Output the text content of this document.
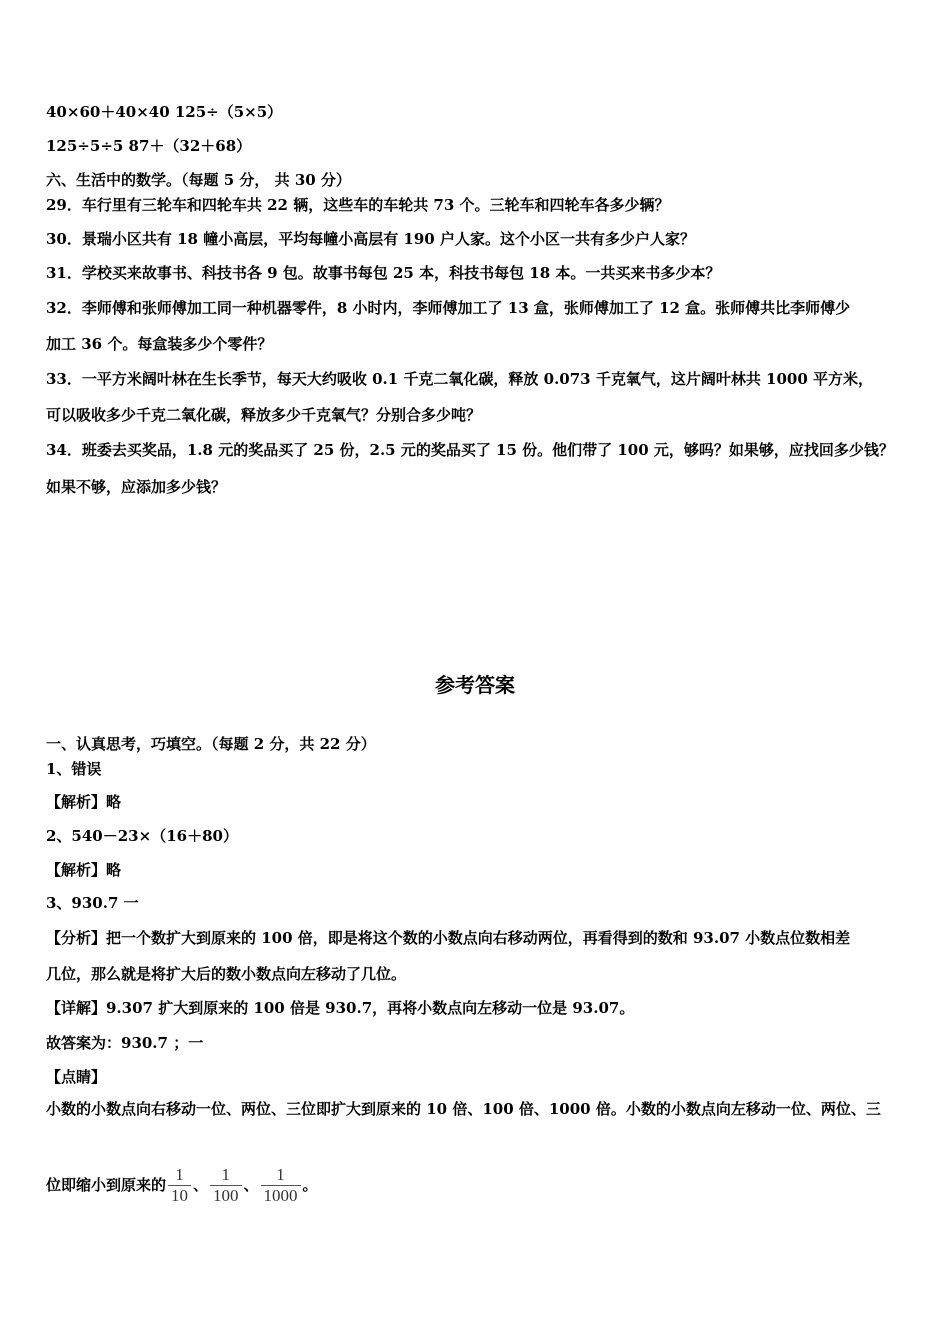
40×60＋40×40 125÷（5×5）
125÷5÷5 87＋（32＋68）
六、生活中的数学。（每题 5 分， 共 30 分）
29．车行里有三轮车和四轮车共 22 辆，这些车的车轮共 73 个。三轮车和四轮车各多少辆？
30．景瑞小区共有 18 幢小高层，平均每幢小高层有 190 户人家。这个小区一共有多少户人家？
31．学校买来故事书、科技书各 9 包。故事书每包 25 本，科技书每包 18 本。一共买来书多少本？
32．李师傅和张师傅加工同一种机器零件，8 小时内，李师傅加工了 13 盒，张师傅加工了 12 盒。张师傅共比李师傅少
加工 36 个。每盒装多少个零件？
33．一平方米阔叶林在生长季节，每天大约吸收 0.1 千克二氧化碳，释放 0.073 千克氧气，这片阔叶林共 1000 平方米，
可以吸收多少千克二氧化碳，释放多少千克氧气？分别合多少吨？
34．班委去买奖品，1.8 元的奖品买了 25 份，2.5 元的奖品买了 15 份。他们带了 100 元，够吗？如果够，应找回多少钱？
如果不够，应添加多少钱？
参考答案
一、认真思考，巧填空。（每题 2 分，共 22 分）
1、错误
【解析】略
2、540－23×（16＋80）
【解析】略
3、930.7 一
【分析】把一个数扩大到原来的 100 倍，即是将这个数的小数点向右移动两位，再看得到的数和 93.07 小数点位数相差
几位，那么就是将扩大后的数小数点向左移动了几位。
【详解】9.307 扩大到原来的 100 倍是 930.7，再将小数点向左移动一位是 93.07。
故答案为：930.7 ；一
【点睛】
小数的小数点向右移动一位、两位、三位即扩大到原来的 10 倍、100 倍、1000 倍。小数的小数点向左移动一位、两位、三
位即缩小到原来的 $\frac{1}{10}$ 、 $\frac{1}{100}$ 、 $\frac{1}{1000}$ 。
